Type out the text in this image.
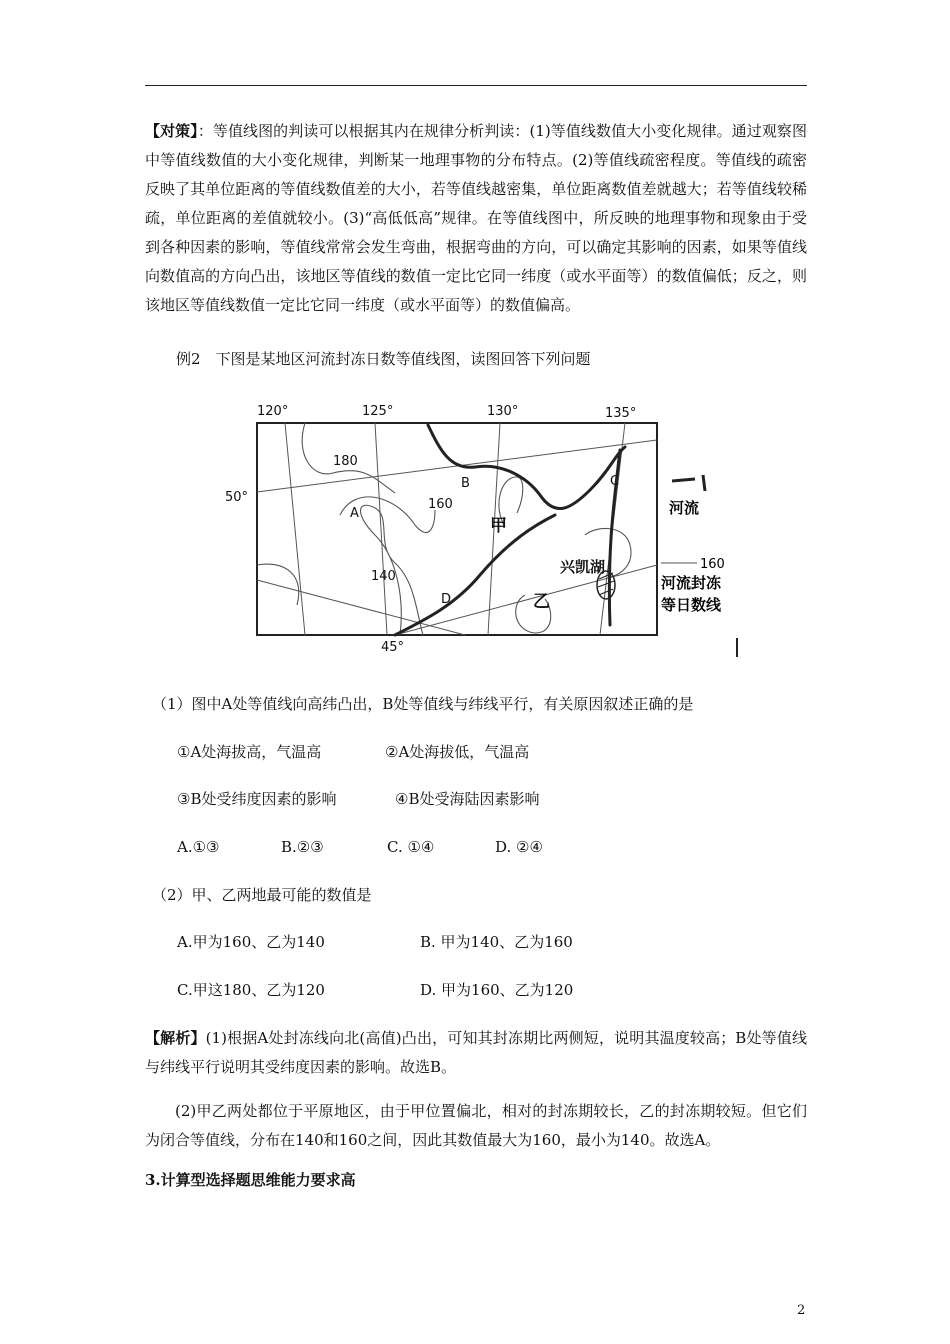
【对策】：等值线图的判读可以根据其内在规律分析判读：(1)等值线数值大小变化规律。通过观察图中等值线数值的大小变化规律，判断某一地理事物的分布特点。(2)等值线疏密程度。等值线的疏密反映了其单位距离的等值线数值差的大小，若等值线越密集，单位距离数值差就越大；若等值线较稀疏，单位距离的差值就较小。(3)“高低低高”规律。在等值线图中，所反映的地理事物和现象由于受到各种因素的影响，等值线常常会发生弯曲，根据弯曲的方向，可以确定其影响的因素，如果等值线向数值高的方向凸出，该地区等值线的数值一定比它同一纬度（或水平面等）的数值偏低；反之，则该地区等值线数值一定比它同一纬度（或水平面等）的数值偏高。

例2　下图是某地区河流封冻日数等值线图，读图回答下列问题

120°	125°	130°	135°
50°
45°
180
160
140
A
B	C
D
甲
乙
兴凯湖
河流
160
河流封冻
等日数线

（1）图中A处等值线向高纬凸出，B处等值线与纬线平行，有关原因叙述正确的是

①A处海拔高，气温高	②A处海拔低，气温高

③B处受纬度因素的影响	④B处受海陆因素影响

A.①③	B.②③	C. ①④	D. ②④

（2）甲、乙两地最可能的数值是

A.甲为160、乙为140	B. 甲为140、乙为160

C.甲这180、乙为120	D. 甲为160、乙为120

【解析】(1)根据A处封冻线向北(高值)凸出，可知其封冻期比两侧短，说明其温度较高；B处等值线与纬线平行说明其受纬度因素的影响。故选B。

(2)甲乙两处都位于平原地区，由于甲位置偏北，相对的封冻期较长，乙的封冻期较短。但它们为闭合等值线，分布在140和160之间，因此其数值最大为160，最小为140。故选A。

3.计算型选择题思维能力要求高

2
